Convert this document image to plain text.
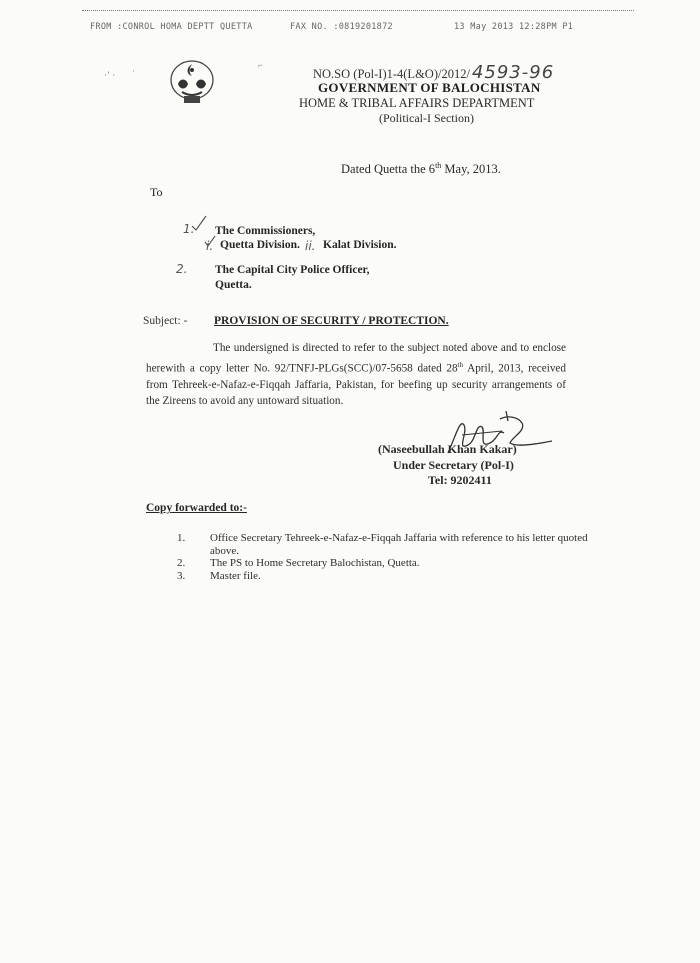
FROM :CONROL HOMA DEPTT QUETTA	FAX NO. :0819201872	13 May 2013 12:28PM P1
·ʼ · ·
⌐
NO.SO (Pol-I)1-4(L&O)/2012/ 4593-96
GOVERNMENT OF BALOCHISTAN
HOME & TRIBAL AFFAIRS DEPARTMENT
(Political-I Section)
Dated Quetta the 6th May, 2013.
To
1. The Commissioners,
i. Quetta Division. ii. Kalat Division.
2. The Capital City Police Officer,
Quetta.
Subject: - PROVISION OF SECURITY / PROTECTION.
The undersigned is directed to refer to the subject noted above and to enclose herewith a copy letter No. 92/TNFJ-PLGs(SCC)/07-5658 dated 28th April, 2013, received from Tehreek-e-Nafaz-e-Fiqqah Jaffaria, Pakistan, for beefing up security arrangements of the Zireens to avoid any untoward situation.
(Naseebullah Khan Kakar)
Under Secretary (Pol-I)
Tel: 9202411
Copy forwarded to:-
1. Office Secretary Tehreek-e-Nafaz-e-Fiqqah Jaffaria with reference to his letter quoted above.
2. The PS to Home Secretary Balochistan, Quetta.
3. Master file.
